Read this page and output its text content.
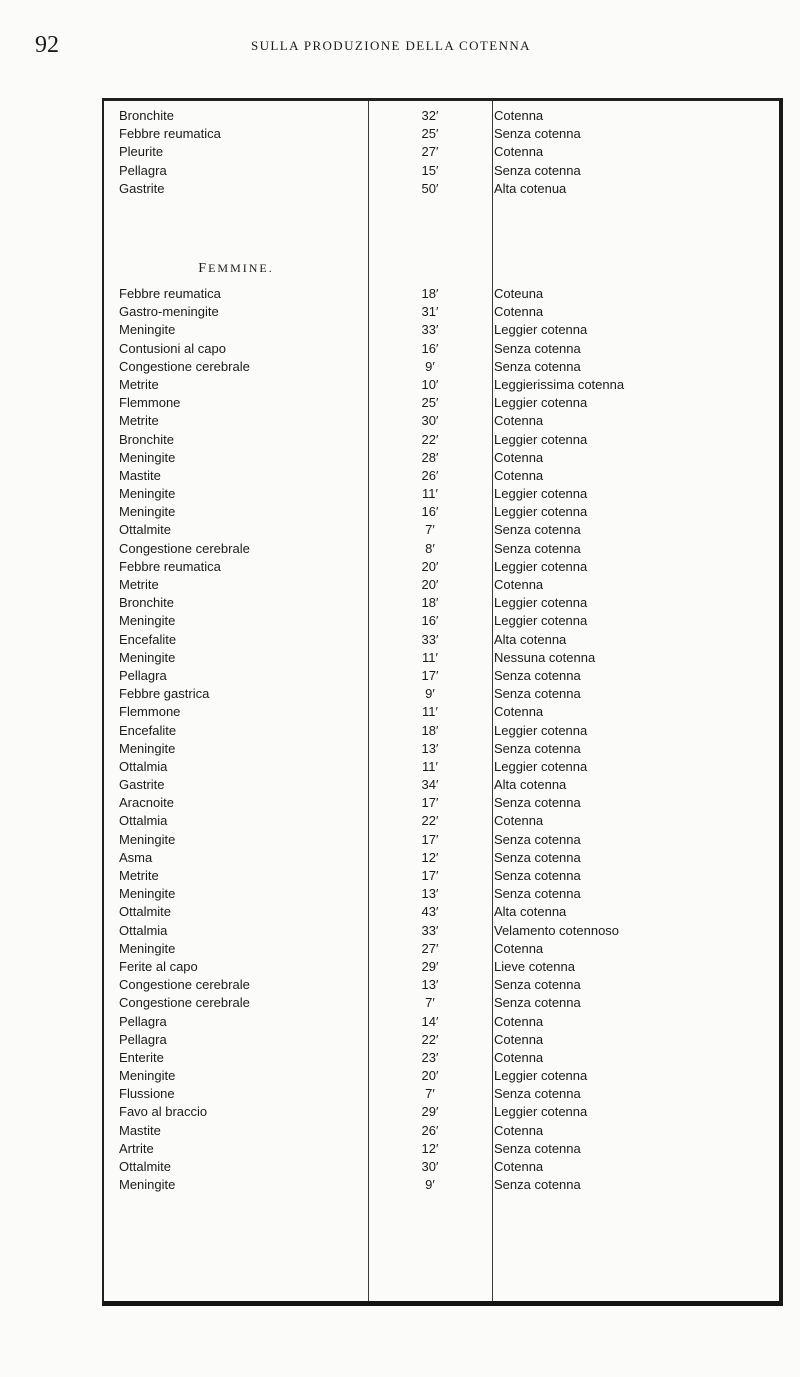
92	SULLA PRODUZIONE DELLA COTENNA
Bronchite	32′	Cotenna
Febbre reumatica	25′	Senza cotenna
Pleurite	27′	Cotenna
Pellagra	15′	Senza cotenna
Gastrite	50′	Alta cotenua
FEMMINE.
Febbre reumatica	18′	Coteuna
Gastro-meningite	31′	Cotenna
Meningite	33′	Leggier cotenna
Contusioni al capo	16′	Senza cotenna
Congestione cerebrale	9′	Senza cotenna
Metrite	10′	Leggierissima cotenna
Flemmone	25′	Leggier cotenna
Metrite	30′	Cotenna
Bronchite	22′	Leggier cotenna
Meningite	28′	Cotenna
Mastite	26′	Cotenna
Meningite	11′	Leggier cotenna
Meningite	16′	Leggier cotenna
Ottalmite	7′	Senza cotenna
Congestione cerebrale	8′	Senza cotenna
Febbre reumatica	20′	Leggier cotenna
Metrite	20′	Cotenna
Bronchite	18′	Leggier cotenna
Meningite	16′	Leggier cotenna
Encefalite	33′	Alta cotenna
Meningite	11′	Nessuna cotenna
Pellagra	17′	Senza cotenna
Febbre gastrica	9′	Senza cotenna
Flemmone	11′	Cotenna
Encefalite	18′	Leggier cotenna
Meningite	13′	Senza cotenna
Ottalmia	11′	Leggier cotenna
Gastrite	34′	Alta cotenna
Aracnoite	17′	Senza cotenna
Ottalmia	22′	Cotenna
Meningite	17′	Senza cotenna
Asma	12′	Senza cotenna
Metrite	17′	Senza cotenna
Meningite	13′	Senza cotenna
Ottalmite	43′	Alta cotenna
Ottalmia	33′	Velamento cotennoso
Meningite	27′	Cotenna
Ferite al capo	29′	Lieve cotenna
Congestione cerebrale	13′	Senza cotenna
Congestione cerebrale	7′	Senza cotenna
Pellagra	14′	Cotenna
Pellagra	22′	Cotenna
Enterite	23′	Cotenna
Meningite	20′	Leggier cotenna
Flussione	7′	Senza cotenna
Favo al braccio	29′	Leggier cotenna
Mastite	26′	Cotenna
Artrite	12′	Senza cotenna
Ottalmite	30′	Cotenna
Meningite	9′	Senza cotenna
